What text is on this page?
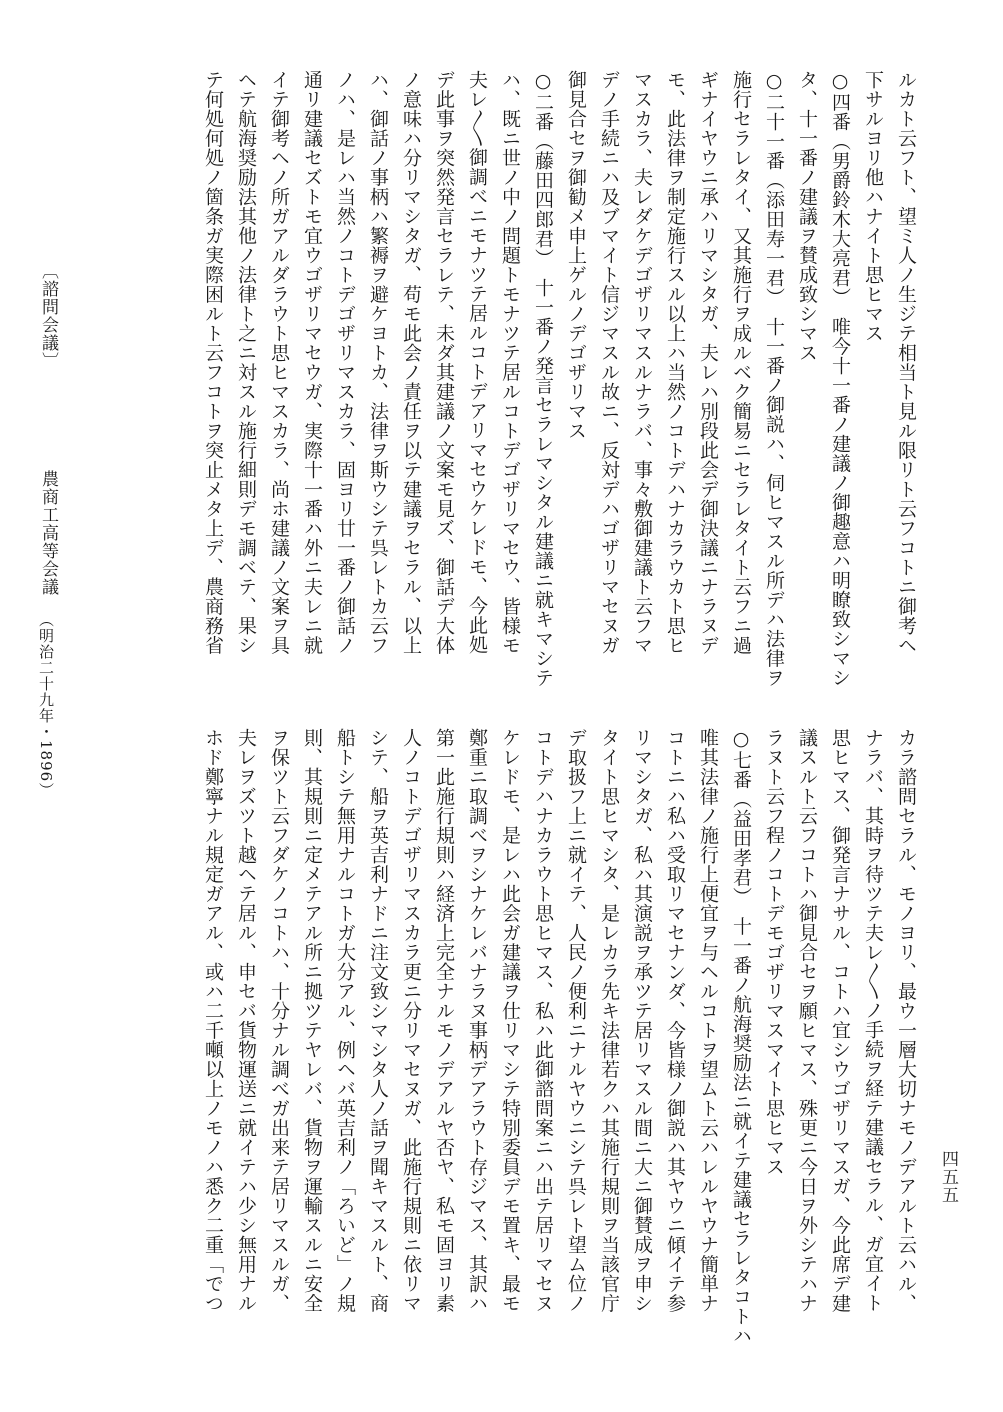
ルカト云フト、望ミ人ノ生ジテ相当ト見ル限リト云フコトニ御考ヘ
下サルヨリ他ハナイト思ヒマス
○四番（男爵鈴木大亮君）　唯今十一番ノ建議ノ御趣意ハ明瞭致シマシ
タ、十一番ノ建議ヲ賛成致シマス
○二十一番（添田寿一君）　十一番ノ御説ハ、伺ヒマスル所デハ法律ヲ
施行セラレタイ、又其施行ヲ成ルベク簡易ニセラレタイト云フニ過
ギナイヤウニ承ハリマシタガ、夫レハ別段此会デ御決議ニナラヌデ
モ、此法律ヲ制定施行スル以上ハ当然ノコトデハナカラウカト思ヒ
マスカラ、夫レダケデゴザリマスルナラバ、事々敷御建議ト云フマ
デノ手続ニハ及ブマイト信ジマスル故ニ、反対デハゴザリマセヌガ
御見合セヲ御勧メ申上ゲルノデゴザリマス
○二番（藤田四郎君）　十一番ノ発言セラレマシタル建議ニ就キマシテ
ハ、既ニ世ノ中ノ問題トモナツテ居ルコトデゴザリマセウ、皆様モ
夫レ〳〵御調べニモナツテ居ルコトデアリマセウケレドモ、今此処
デ此事ヲ突然発言セラレテ、未ダ其建議ノ文案モ見ズ、御話デ大体
ノ意味ハ分リマシタガ、苟モ此会ノ責任ヲ以テ建議ヲセラル、以上
ハ、御話ノ事柄ハ繁褥ヲ避ケヨトカ、法律ヲ斯ウシテ呉レトカ云フ
ノハ、是レハ当然ノコトデゴザリマスカラ、固ヨリ廿一番ノ御話ノ
通リ建議セズトモ宜ウゴザリマセウガ、実際十一番ハ外ニ夫レニ就
イテ御考ヘノ所ガアルダラウト思ヒマスカラ、尚ホ建議ノ文案ヲ具
ヘテ航海奨励法其他ノ法律ト之ニ対スル施行細則デモ調ベテ、果シ
テ何処何処ノ箇条ガ実際困ルト云フコトヲ突止メタ上デ、農商務省
カラ諮問セラル、モノヨリ、最ウ一層大切ナモノデアルト云ハル、
ナラバ、其時ヲ待ツテ夫レ〳〵ノ手続ヲ経テ建議セラル、ガ宜イト
思ヒマス、御発言ナサル、コトハ宜シウゴザリマスガ、今此席デ建
議スルト云フコトハ御見合セヲ願ヒマス、殊更ニ今日ヲ外シテハナ
ラヌト云フ程ノコトデモゴザリマスマイト思ヒマス
○七番（益田孝君）　十一番ノ航海奨励法ニ就イテ建議セラレタコトハ
唯其法律ノ施行上便宜ヲ与ヘルコトヲ望ムト云ハレルヤウナ簡単ナ
コトニハ私ハ受取リマセナンダ、今皆様ノ御説ハ其ヤウニ傾イテ参
リマシタガ、私ハ其演説ヲ承ツテ居リマスル間ニ大ニ御賛成ヲ申シ
タイト思ヒマシタ、是レカラ先キ法律若クハ其施行規則ヲ当該官庁
デ取扱フ上ニ就イテ、人民ノ便利ニナルヤウニシテ呉レト望ム位ノ
コトデハナカラウト思ヒマス、私ハ此御諮問案ニハ出テ居リマセヌ
ケレドモ、是レハ此会ガ建議ヲ仕リマシテ特別委員デモ置キ、最モ
鄭重ニ取調べヲシナケレバナラヌ事柄デアラウト存ジマス、其訳ハ
第一此施行規則ハ経済上完全ナルモノデアルヤ否ヤ、私モ固ヨリ素
人ノコトデゴザリマスカラ更ニ分リマセヌガ、此施行規則ニ依リマ
シテ、船ヲ英吉利ナドニ注文致シマシタ人ノ話ヲ聞キマスルト、商
船トシテ無用ナルコトガ大分アル、例ヘバ英吉利ノ「ろいど」ノ規
則、其規則ニ定メテアル所ニ拠ツテヤレバ、貨物ヲ運輸スルニ安全
ヲ保ツト云フダケノコトハ、十分ナル調べガ出来テ居リマスルガ、
夫レヲズツト越ヘテ居ル、申セバ貨物運送ニ就イテハ少シ無用ナル
ホド鄭寧ナル規定ガアル、或ハ二千噸以上ノモノハ悉ク二重「でつ
〔諮問会議〕
農商工高等会議
（明治二十九年・1896）
四五五
